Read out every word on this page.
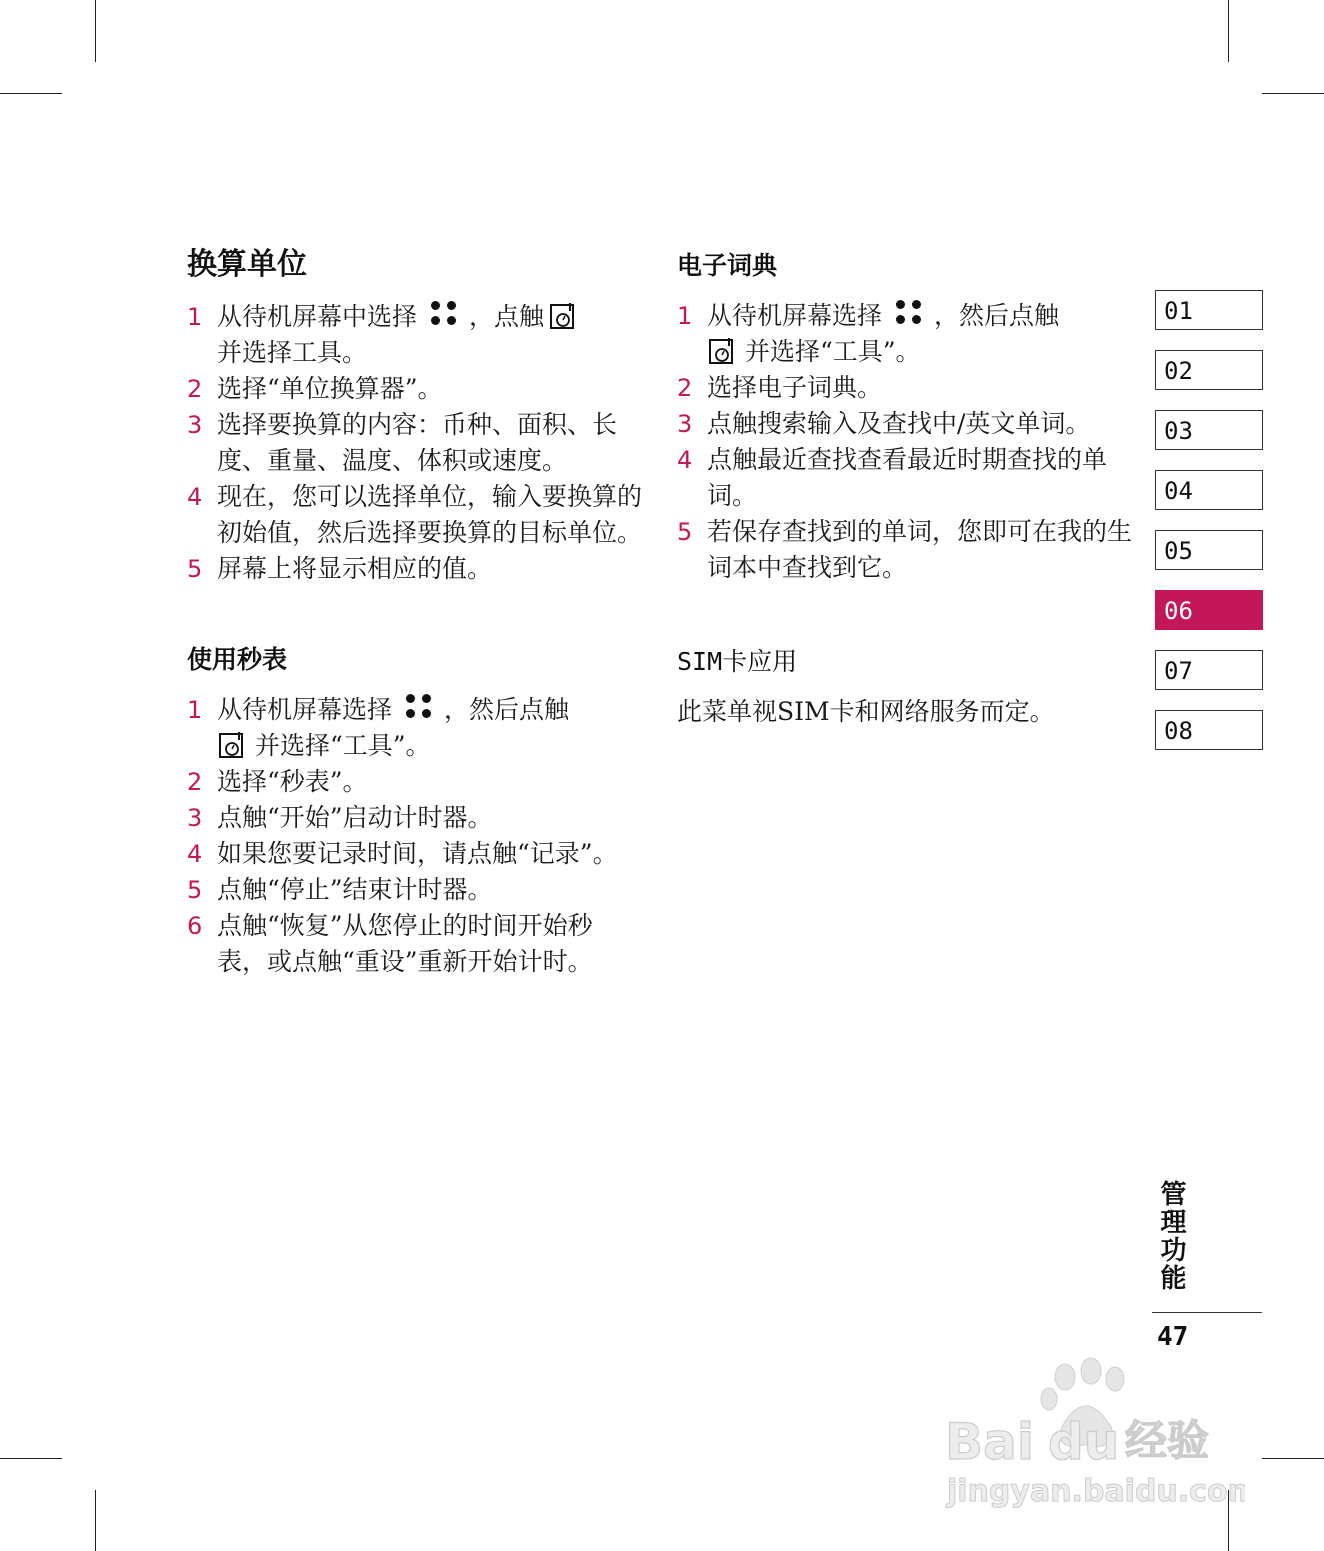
换算单位
1 从待机屏幕中选择 ，点触
并选择工具。
2 选择“单位换算器”。
3 选择要换算的内容：币种、面积、长度、重量、温度、体积或速度。
4 现在，您可以选择单位，输入要换算的初始值，然后选择要换算的目标单位。
5 屏幕上将显示相应的值。
使用秒表
1 从待机屏幕选择 ，然后点触
并选择“工具”。
2 选择“秒表”。
3 点触“开始”启动计时器。
4 如果您要记录时间，请点触“记录”。
5 点触“停止”结束计时器。
6 点触“恢复”从您停止的时间开始秒表，或点触“重设”重新开始计时。
电子词典
1 从待机屏幕选择 ，然后点触
并选择“工具”。
2 选择电子词典。
3 点触搜索输入及查找中/英文单词。
4 点触最近查找查看最近时期查找的单词。
5 若保存查找到的单词，您即可在我的生词本中查找到它。
SIM卡应用

此菜单视SIM卡和网络服务而定。

01
02
03
04
05
06
07
08
管理功能
47
Bai du 经验
jingyan.baidu.com
